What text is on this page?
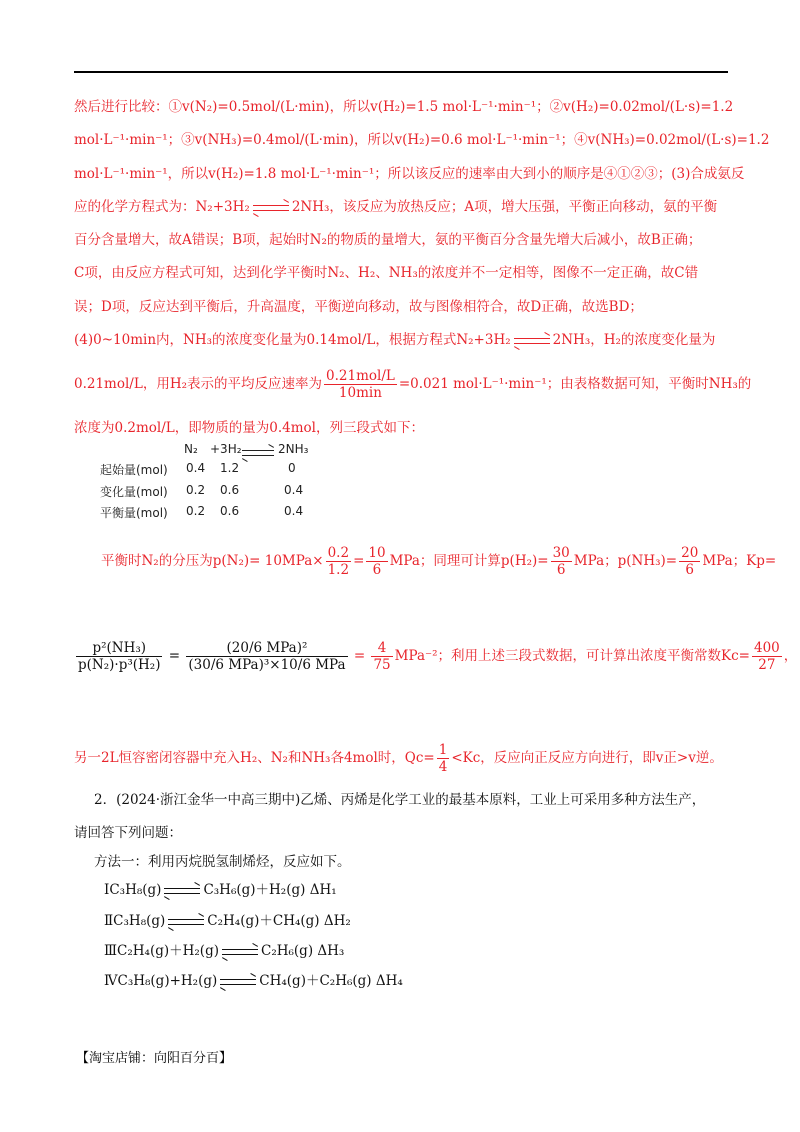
然后进行比较：①v(N₂)=0.5mol/(L·min)，所以v(H₂)=1.5 mol·L⁻¹·min⁻¹；②v(H₂)=0.02mol/(L·s)=1.2
mol·L⁻¹·min⁻¹；③v(NH₃)=0.4mol/(L·min)，所以v(H₂)=0.6 mol·L⁻¹·min⁻¹；④v(NH₃)=0.02mol/(L·s)=1.2
mol·L⁻¹·min⁻¹，所以v(H₂)=1.8 mol·L⁻¹·min⁻¹；所以该反应的速率由大到小的顺序是④①②③；(3)合成氨反
应的化学方程式为：N₂+3H₂ → 2NH₃，该反应为放热反应；A项，增大压强，平衡正向移动，氨的平衡
百分含量增大，故A错误；B项，起始时N₂的物质的量增大，氨的平衡百分含量先增大后减小，故B正确；
C项，由反应方程式可知，达到化学平衡时N₂、H₂、NH₃的浓度并不一定相等，图像不一定正确，故C错
误；D项，反应达到平衡后，升高温度，平衡逆向移动，故与图像相符合，故D正确，故选BD；
(4)0~10min内，NH₃的浓度变化量为0.14mol/L，根据方程式N₂+3H₂ → 2NH₃，H₂的浓度变化量为
0.21mol/L，用H₂表示的平均反应速率为 $\frac{\text{0.21mol/L}}{10\min} =0.021$ mol·L⁻¹·min⁻¹；由表格数据可知，平衡时NH₃的
浓度为0.2mol/L，即物质的量为0.4mol，列三段式如下：
N₂ +3H₂ → 2NH₃
起始量(mol) 0.4 1.2	0
变化量(mol) 0.2 0.6	0.4
平衡量(mol) 0.2 0.6	0.4
平衡时N₂的分压为$p(N_2)= 10MPa\times \frac{0.2}{1.2} = \frac{10}{6}$ MPa；同理可计算$p(H_2)= \frac{30}{6}$ MPa；$p(NH_3)= \frac{20}{6}$ MPa；Kp=
$\frac{\text{p²(NH₃)}}{\text{p(N₂)·p³(H₂)}} = \frac{\text{(20/6 MPa)²}}{\text{(30/6 MPa)³×10/6 MPa}} = \frac{4}{75} MPa^{-2}$；利用上述三段式数据，可计算出浓度平衡常数$Kc= \frac{400}{27}$ ，
另一2L恒容密闭容器中充入H₂、N₂和NH₃各4mol时，$Qc= \frac{1}{4} <Kc$，反应向正反应方向进行，即v正>v逆。
2．(2024·浙江金华一中高三期中)乙烯、丙烯是化学工业的最基本原料，工业上可采用多种方法生产，
请回答下列问题：
方法一：利用丙烷脱氢制烯烃，反应如下。
ⅠC₃H₈(g) → C₃H₆(g)＋H₂(g) ΔH₁
ⅡC₃H₈(g) → C₂H₄(g)＋CH₄(g) ΔH₂
ⅢC₂H₄(g)＋H₂(g) → C₂H₆(g) ΔH₃
ⅣC₃H₈(g)+H₂(g) → CH₄(g)＋C₂H₆(g) ΔH₄
【淘宝店铺：向阳百分百】
